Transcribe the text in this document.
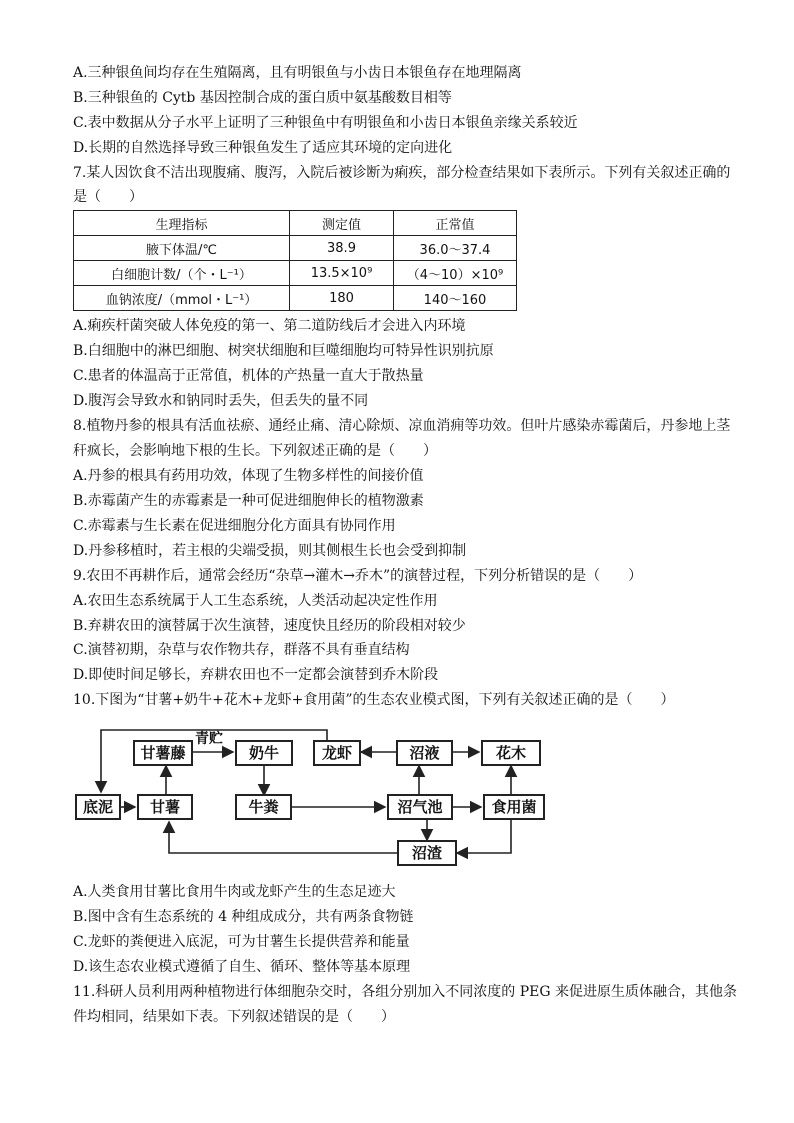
A.三种银鱼间均存在生殖隔离，且有明银鱼与小齿日本银鱼存在地理隔离
B.三种银鱼的 Cytb 基因控制合成的蛋白质中氨基酸数目相等
C.表中数据从分子水平上证明了三种银鱼中有明银鱼和小齿日本银鱼亲缘关系较近
D.长期的自然选择导致三种银鱼发生了适应其环境的定向进化
7.某人因饮食不洁出现腹痛、腹泻，入院后被诊断为痢疾，部分检查结果如下表所示。下列有关叙述正确的
是（　　）
生理指标	测定值	正常值
腋下体温/℃	38.9	36.0～37.4
白细胞计数/（个・L⁻¹）	13.5×10⁹	（4～10）×10⁹
血钠浓度/（mmol・L⁻¹）	180	140～160
A.痢疾杆菌突破人体免疫的第一、第二道防线后才会进入内环境
B.白细胞中的淋巴细胞、树突状细胞和巨噬细胞均可特异性识别抗原
C.患者的体温高于正常值，机体的产热量一直大于散热量
D.腹泻会导致水和钠同时丢失，但丢失的量不同
8.植物丹参的根具有活血祛瘀、通经止痛、清心除烦、凉血消痈等功效。但叶片感染赤霉菌后，丹参地上茎
秆疯长，会影响地下根的生长。下列叙述正确的是（　　）
A.丹参的根具有药用功效，体现了生物多样性的间接价值
B.赤霉菌产生的赤霉素是一种可促进细胞伸长的植物激素
C.赤霉素与生长素在促进细胞分化方面具有协同作用
D.丹参移植时，若主根的尖端受损，则其侧根生长也会受到抑制
9.农田不再耕作后，通常会经历“杂草→灌木→乔木”的演替过程，下列分析错误的是（　　）
A.农田生态系统属于人工生态系统，人类活动起决定性作用
B.弃耕农田的演替属于次生演替，速度快且经历的阶段相对较少
C.演替初期，杂草与农作物共存，群落不具有垂直结构
D.即使时间足够长，弃耕农田也不一定都会演替到乔木阶段
10.下图为“甘薯+奶牛+花木+龙虾+食用菌”的生态农业模式图，下列有关叙述正确的是（　　）
甘薯藤
青贮
奶牛	龙虾	沼液	花木
底泥	甘薯	牛粪	沼气池	食用菌
沼渣
A.人类食用甘薯比食用牛肉或龙虾产生的生态足迹大
B.图中含有生态系统的 4 种组成成分，共有两条食物链
C.龙虾的粪便进入底泥，可为甘薯生长提供营养和能量
D.该生态农业模式遵循了自生、循环、整体等基本原理
11.科研人员利用两种植物进行体细胞杂交时，各组分别加入不同浓度的 PEG 来促进原生质体融合，其他条
件均相同，结果如下表。下列叙述错误的是（　　）
